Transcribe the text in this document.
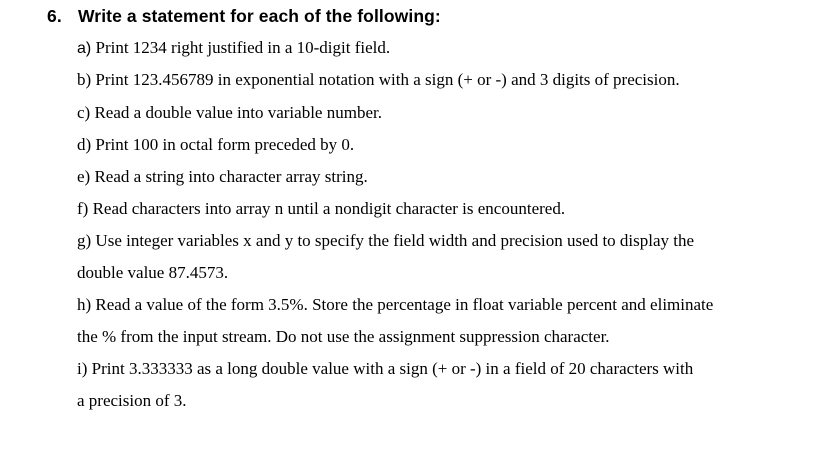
6. Write a statement for each of the following:
a) Print 1234 right justified in a 10-digit field.
b) Print 123.456789 in exponential notation with a sign (+ or -) and 3 digits of precision.
c) Read a double value into variable number.
d) Print 100 in octal form preceded by 0.
e) Read a string into character array string.
f) Read characters into array n until a nondigit character is encountered.
g) Use integer variables x and y to specify the field width and precision used to display the
double value 87.4573.
h) Read a value of the form 3.5%. Store the percentage in float variable percent and eliminate
the % from the input stream. Do not use the assignment suppression character.
i) Print 3.333333 as a long double value with a sign (+ or -) in a field of 20 characters with
a precision of 3.
